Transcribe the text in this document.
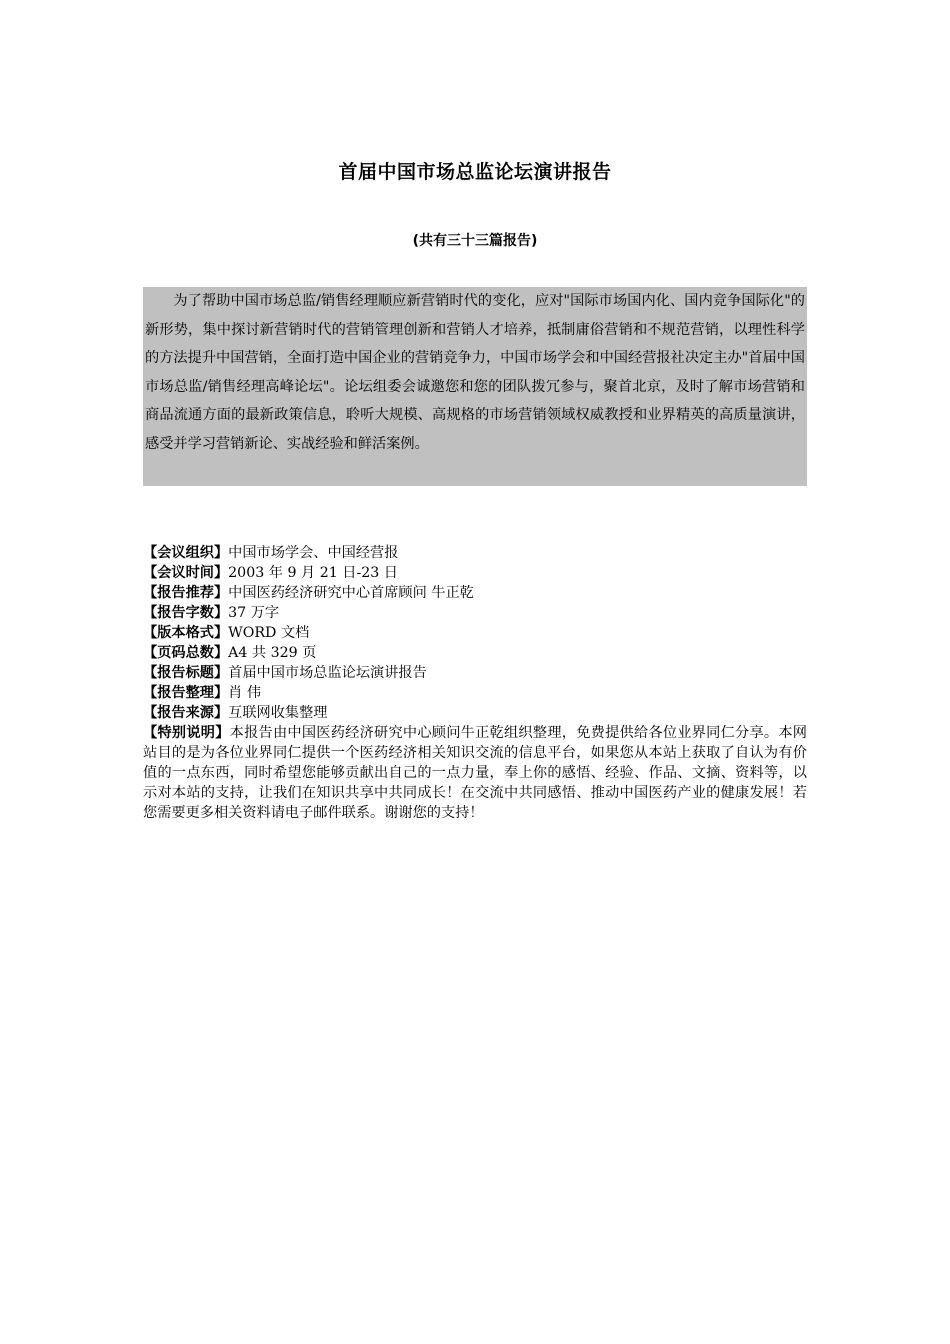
首届中国市场总监论坛演讲报告

(共有三十三篇报告)

为了帮助中国市场总监/销售经理顺应新营销时代的变化，应对"国际市场国内化、国内竞争国际化"的新形势，集中探讨新营销时代的营销管理创新和营销人才培养，抵制庸俗营销和不规范营销，以理性科学的方法提升中国营销，全面打造中国企业的营销竞争力，中国市场学会和中国经营报社决定主办"首届中国市场总监/销售经理高峰论坛"。论坛组委会诚邀您和您的团队拨冗参与，聚首北京，及时了解市场营销和商品流通方面的最新政策信息，聆听大规模、高规格的市场营销领域权威教授和业界精英的高质量演讲，感受并学习营销新论、实战经验和鲜活案例。

【会议组织】中国市场学会、中国经营报
【会议时间】2003 年 9 月 21 日-23 日
【报告推荐】中国医药经济研究中心首席顾问 牛正乾
【报告字数】37 万字
【版本格式】WORD 文档
【页码总数】A4 共 329 页
【报告标题】首届中国市场总监论坛演讲报告
【报告整理】肖 伟
【报告来源】互联网收集整理
【特别说明】本报告由中国医药经济研究中心顾问牛正乾组织整理，免费提供给各位业界同仁分享。本网站目的是为各位业界同仁提供一个医药经济相关知识交流的信息平台，如果您从本站上获取了自认为有价值的一点东西，同时希望您能够贡献出自己的一点力量，奉上你的感悟、经验、作品、文摘、资料等，以示对本站的支持，让我们在知识共享中共同成长！在交流中共同感悟、推动中国医药产业的健康发展！若您需要更多相关资料请电子邮件联系。谢谢您的支持！
